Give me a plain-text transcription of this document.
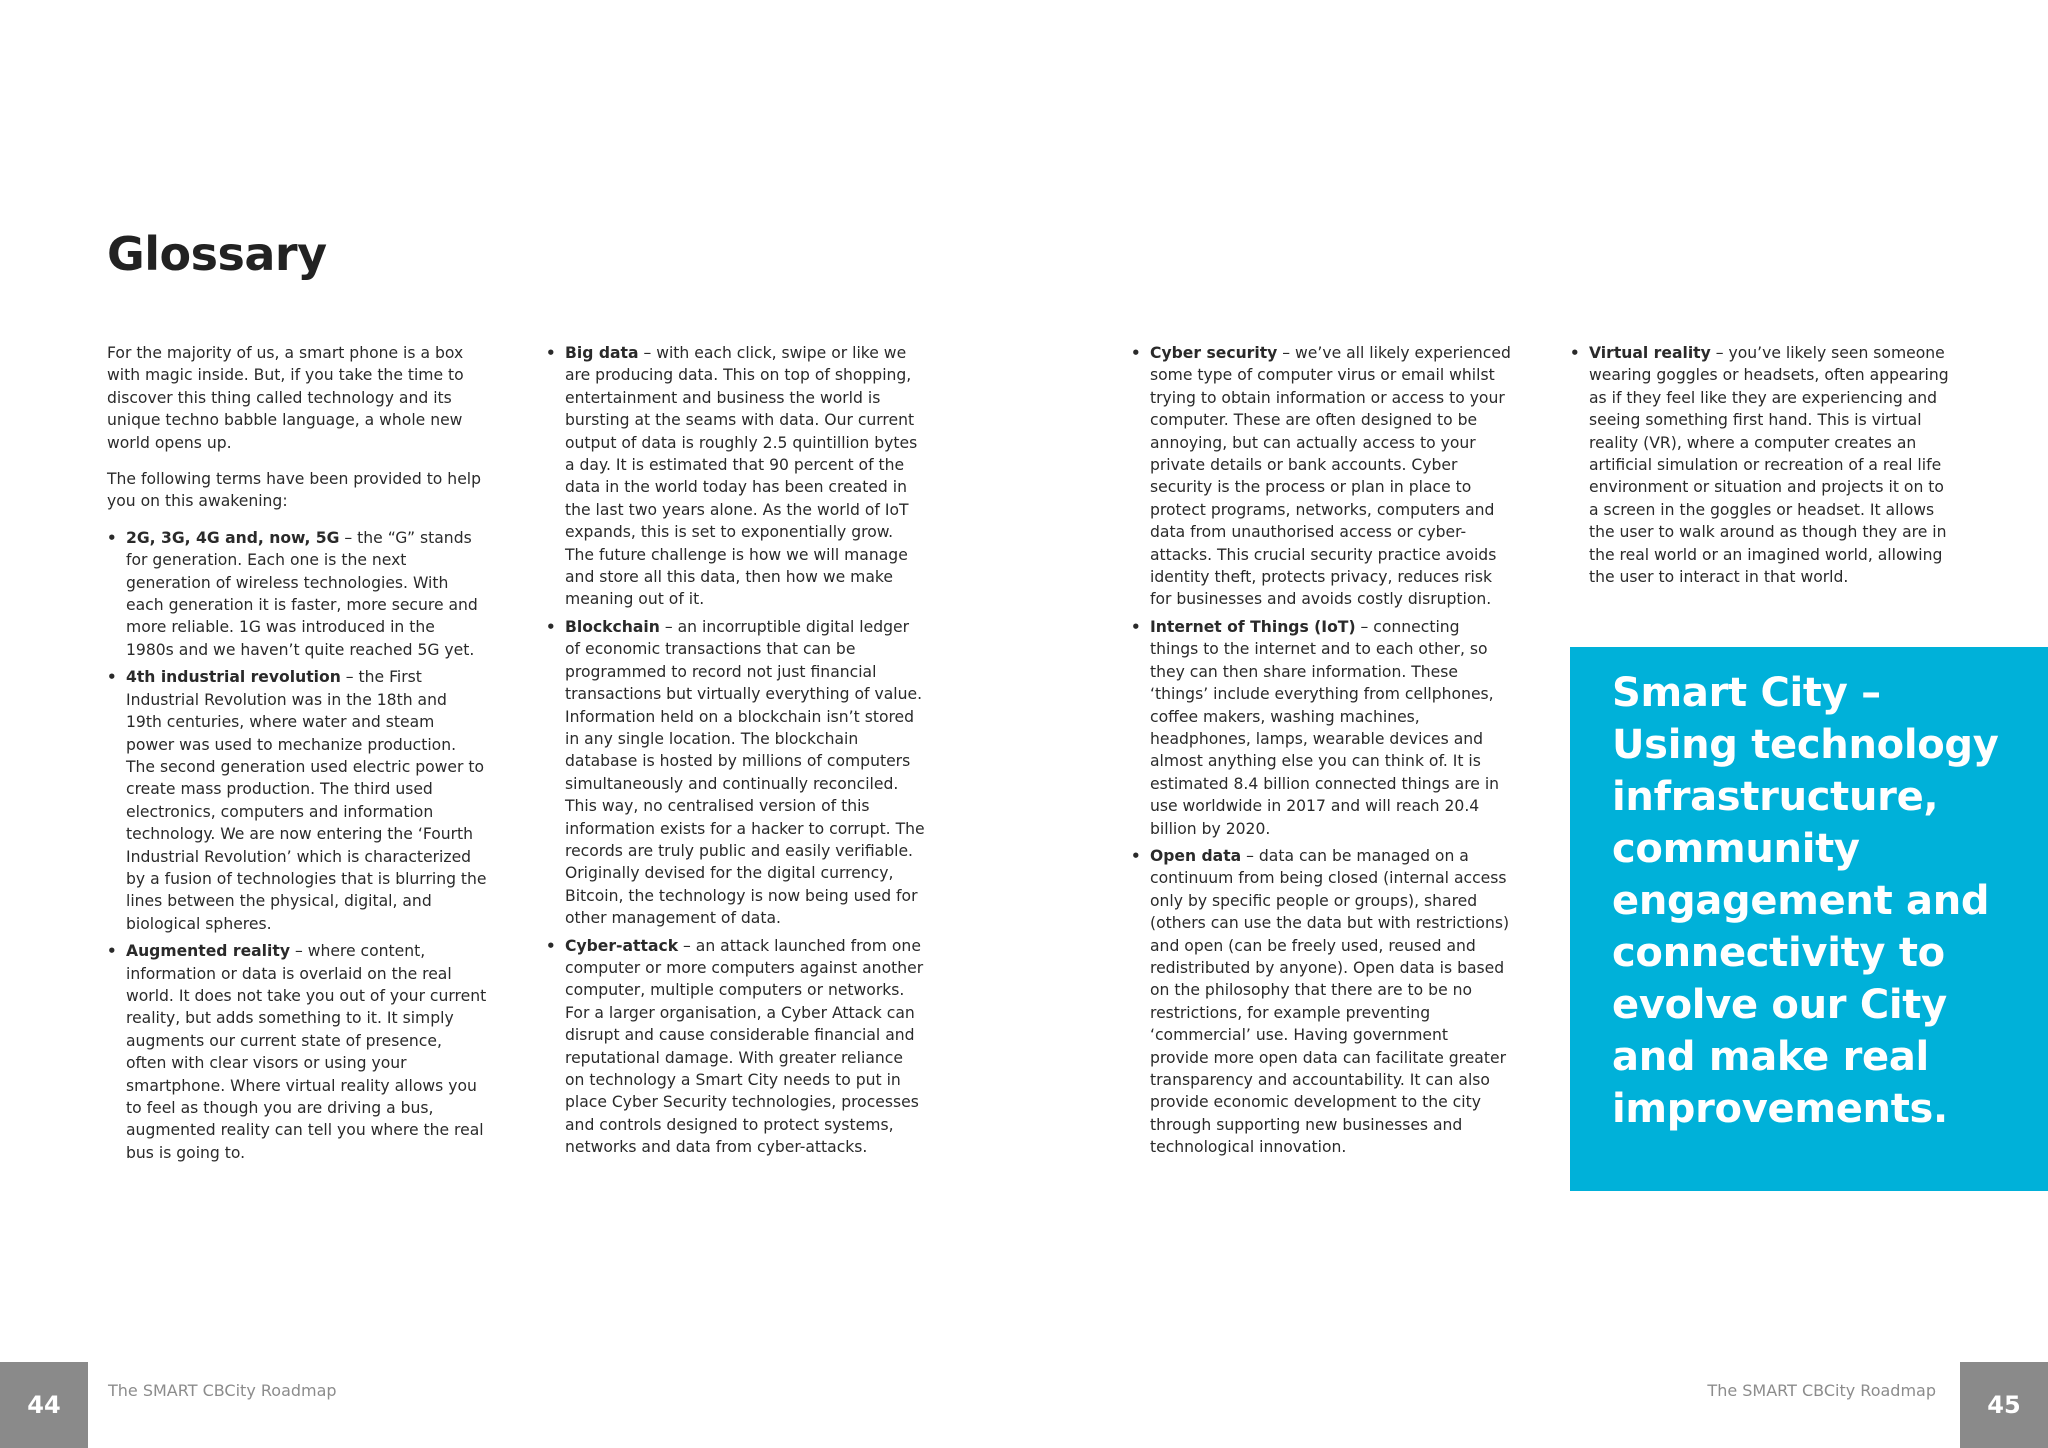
Glossary

For the majority of us, a smart phone is a box with magic inside. But, if you take the time to discover this thing called technology and its unique techno babble language, a whole new world opens up.

The following terms have been provided to help you on this awakening:

• 2G, 3G, 4G and, now, 5G – the “G” stands for generation. Each one is the next generation of wireless technologies. With each generation it is faster, more secure and more reliable. 1G was introduced in the 1980s and we haven’t quite reached 5G yet.
• 4th industrial revolution – the First Industrial Revolution was in the 18th and 19th centuries, where water and steam power was used to mechanize production. The second generation used electric power to create mass production. The third used electronics, computers and information technology. We are now entering the ‘Fourth Industrial Revolution’ which is characterized by a fusion of technologies that is blurring the lines between the physical, digital, and biological spheres.
• Augmented reality – where content, information or data is overlaid on the real world. It does not take you out of your current reality, but adds something to it. It simply augments our current state of presence, often with clear visors or using your smartphone. Where virtual reality allows you to feel as though you are driving a bus, augmented reality can tell you where the real bus is going to.
• Big data – with each click, swipe or like we are producing data. This on top of shopping, entertainment and business the world is bursting at the seams with data. Our current output of data is roughly 2.5 quintillion bytes a day. It is estimated that 90 percent of the data in the world today has been created in the last two years alone. As the world of IoT expands, this is set to exponentially grow. The future challenge is how we will manage and store all this data, then how we make meaning out of it.
• Blockchain – an incorruptible digital ledger of economic transactions that can be programmed to record not just financial transactions but virtually everything of value. Information held on a blockchain isn’t stored in any single location. The blockchain database is hosted by millions of computers simultaneously and continually reconciled. This way, no centralised version of this information exists for a hacker to corrupt. The records are truly public and easily verifiable. Originally devised for the digital currency, Bitcoin, the technology is now being used for other management of data.
• Cyber-attack – an attack launched from one computer or more computers against another computer, multiple computers or networks. For a larger organisation, a Cyber Attack can disrupt and cause considerable financial and reputational damage. With greater reliance on technology a Smart City needs to put in place Cyber Security technologies, processes and controls designed to protect systems, networks and data from cyber-attacks.
• Cyber security – we’ve all likely experienced some type of computer virus or email whilst trying to obtain information or access to your computer. These are often designed to be annoying, but can actually access to your private details or bank accounts. Cyber security is the process or plan in place to protect programs, networks, computers and data from unauthorised access or cyber-attacks. This crucial security practice avoids identity theft, protects privacy, reduces risk for businesses and avoids costly disruption.
• Internet of Things (IoT) – connecting things to the internet and to each other, so they can then share information. These ‘things’ include everything from cellphones, coffee makers, washing machines, headphones, lamps, wearable devices and almost anything else you can think of. It is estimated 8.4 billion connected things are in use worldwide in 2017 and will reach 20.4 billion by 2020.
• Open data – data can be managed on a continuum from being closed (internal access only by specific people or groups), shared (others can use the data but with restrictions) and open (can be freely used, reused and redistributed by anyone). Open data is based on the philosophy that there are to be no restrictions, for example preventing ‘commercial’ use. Having government provide more open data can facilitate greater transparency and accountability. It can also provide economic development to the city through supporting new businesses and technological innovation.
• Virtual reality – you’ve likely seen someone wearing goggles or headsets, often appearing as if they feel like they are experiencing and seeing something first hand. This is virtual reality (VR), where a computer creates an artificial simulation or recreation of a real life environment or situation and projects it on to a screen in the goggles or headset. It allows the user to walk around as though they are in the real world or an imagined world, allowing the user to interact in that world.

Smart City – Using technology infrastructure, community engagement and connectivity to evolve our City and make real improvements.

44
The SMART CBCity Roadmap	The SMART CBCity Roadmap
45
